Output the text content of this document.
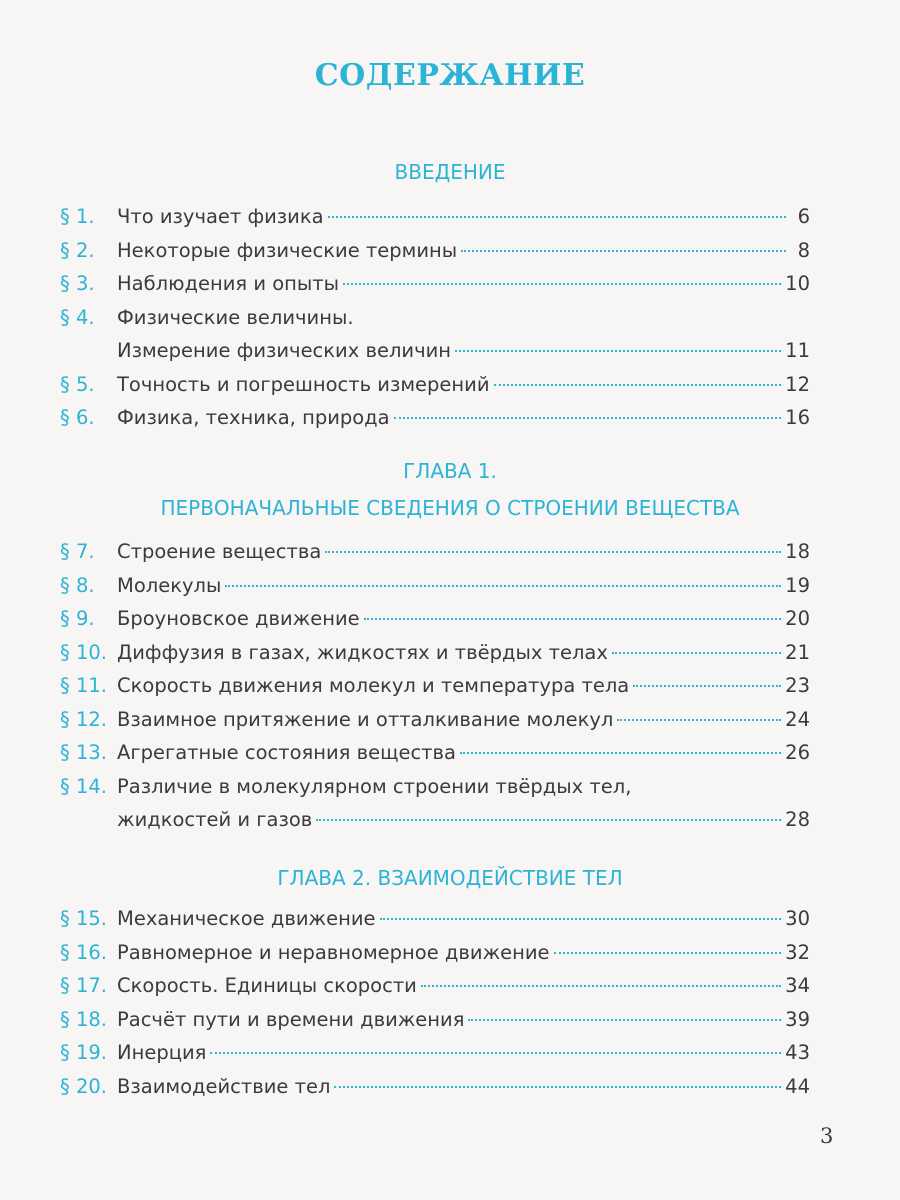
СОДЕРЖАНИЕ
ВВЕДЕНИЕ
§ 1.	Что изучает физика	6
§ 2.	Некоторые физические термины	8
§ 3.	Наблюдения и опыты	10
§ 4.	Физические величины.
Измерение физических величин	11
§ 5.	Точность и погрешность измерений	12
§ 6.	Физика, техника, природа	16
ГЛАВА 1.
ПЕРВОНАЧАЛЬНЫЕ СВЕДЕНИЯ О СТРОЕНИИ ВЕЩЕСТВА
§ 7.	Строение вещества	18
§ 8.	Молекулы	19
§ 9.	Броуновское движение	20
§ 10. Диффузия в газах, жидкостях и твёрдых телах	21
§ 11. Скорость движения молекул и температура тела	23
§ 12. Взаимное притяжение и отталкивание молекул	24
§ 13. Агрегатные состояния вещества	26
§ 14. Различие в молекулярном строении твёрдых тел,
жидкостей и газов	28
ГЛАВА 2. ВЗАИМОДЕЙСТВИЕ ТЕЛ
§ 15. Механическое движение	30
§ 16. Равномерное и неравномерное движение	32
§ 17. Скорость. Единицы скорости	34
§ 18. Расчёт пути и времени движения	39
§ 19. Инерция	43
§ 20. Взаимодействие тел	44
3
